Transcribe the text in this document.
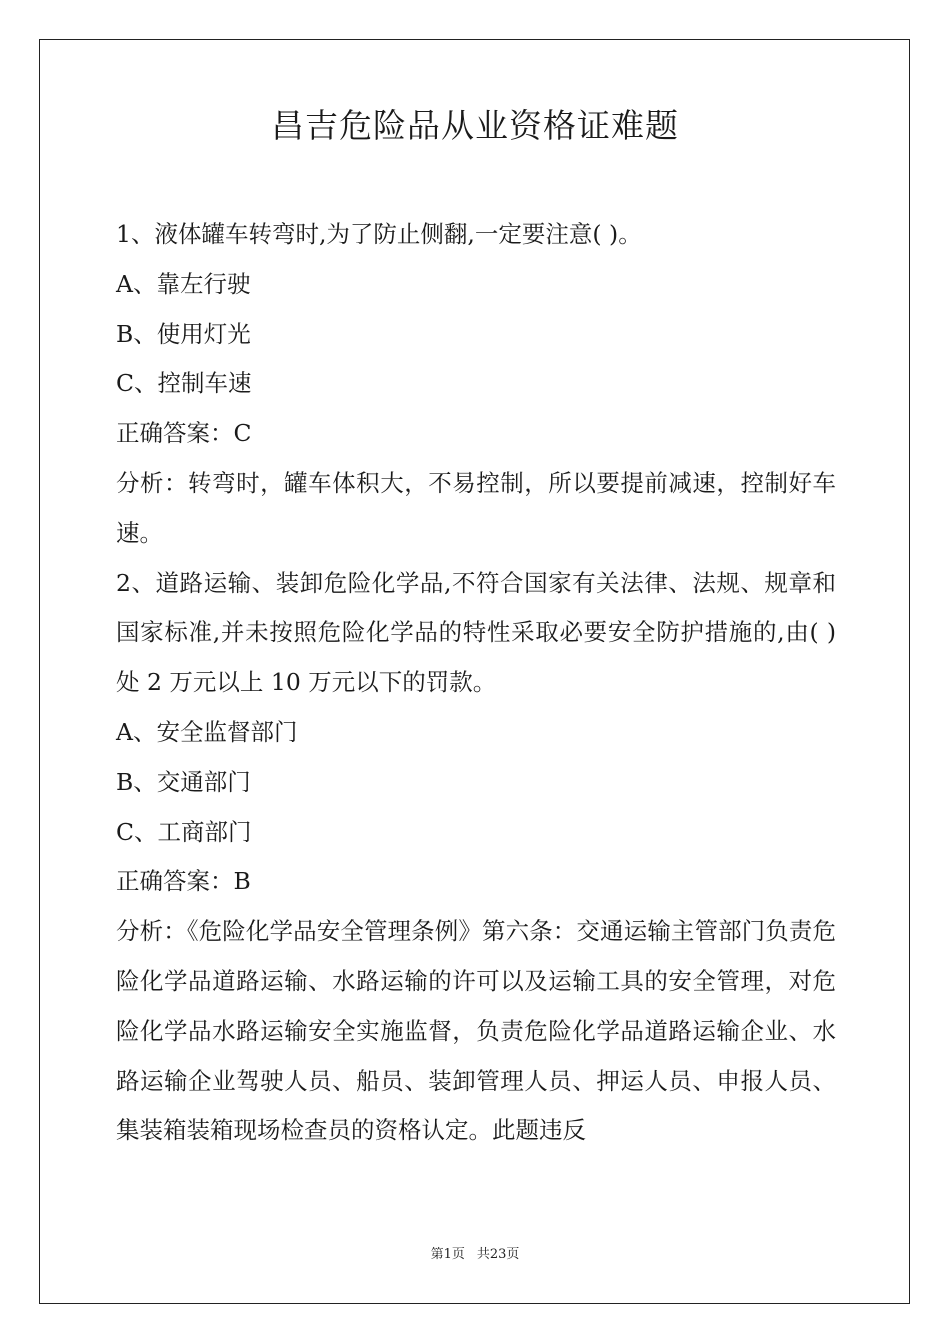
昌吉危险品从业资格证难题

1、液体罐车转弯时,为了防止侧翻,一定要注意( )。

A、靠左行驶

B、使用灯光

C、控制车速

正确答案：C

分析：转弯时，罐车体积大，不易控制，所以要提前减速，控制好车速。

2、道路运输、装卸危险化学品,不符合国家有关法律、法规、规章和国家标准,并未按照危险化学品的特性采取必要安全防护措施的,由( )处 2 万元以上 10 万元以下的罚款。

A、安全监督部门

B、交通部门

C、工商部门

正确答案：B

分析：《危险化学品安全管理条例》第六条：交通运输主管部门负责危险化学品道路运输、水路运输的许可以及运输工具的安全管理，对危险化学品水路运输安全实施监督，负责危险化学品道路运输企业、水路运输企业驾驶人员、船员、装卸管理人员、押运人员、申报人员、集装箱装箱现场检查员的资格认定。此题违反

第1页 共23页
